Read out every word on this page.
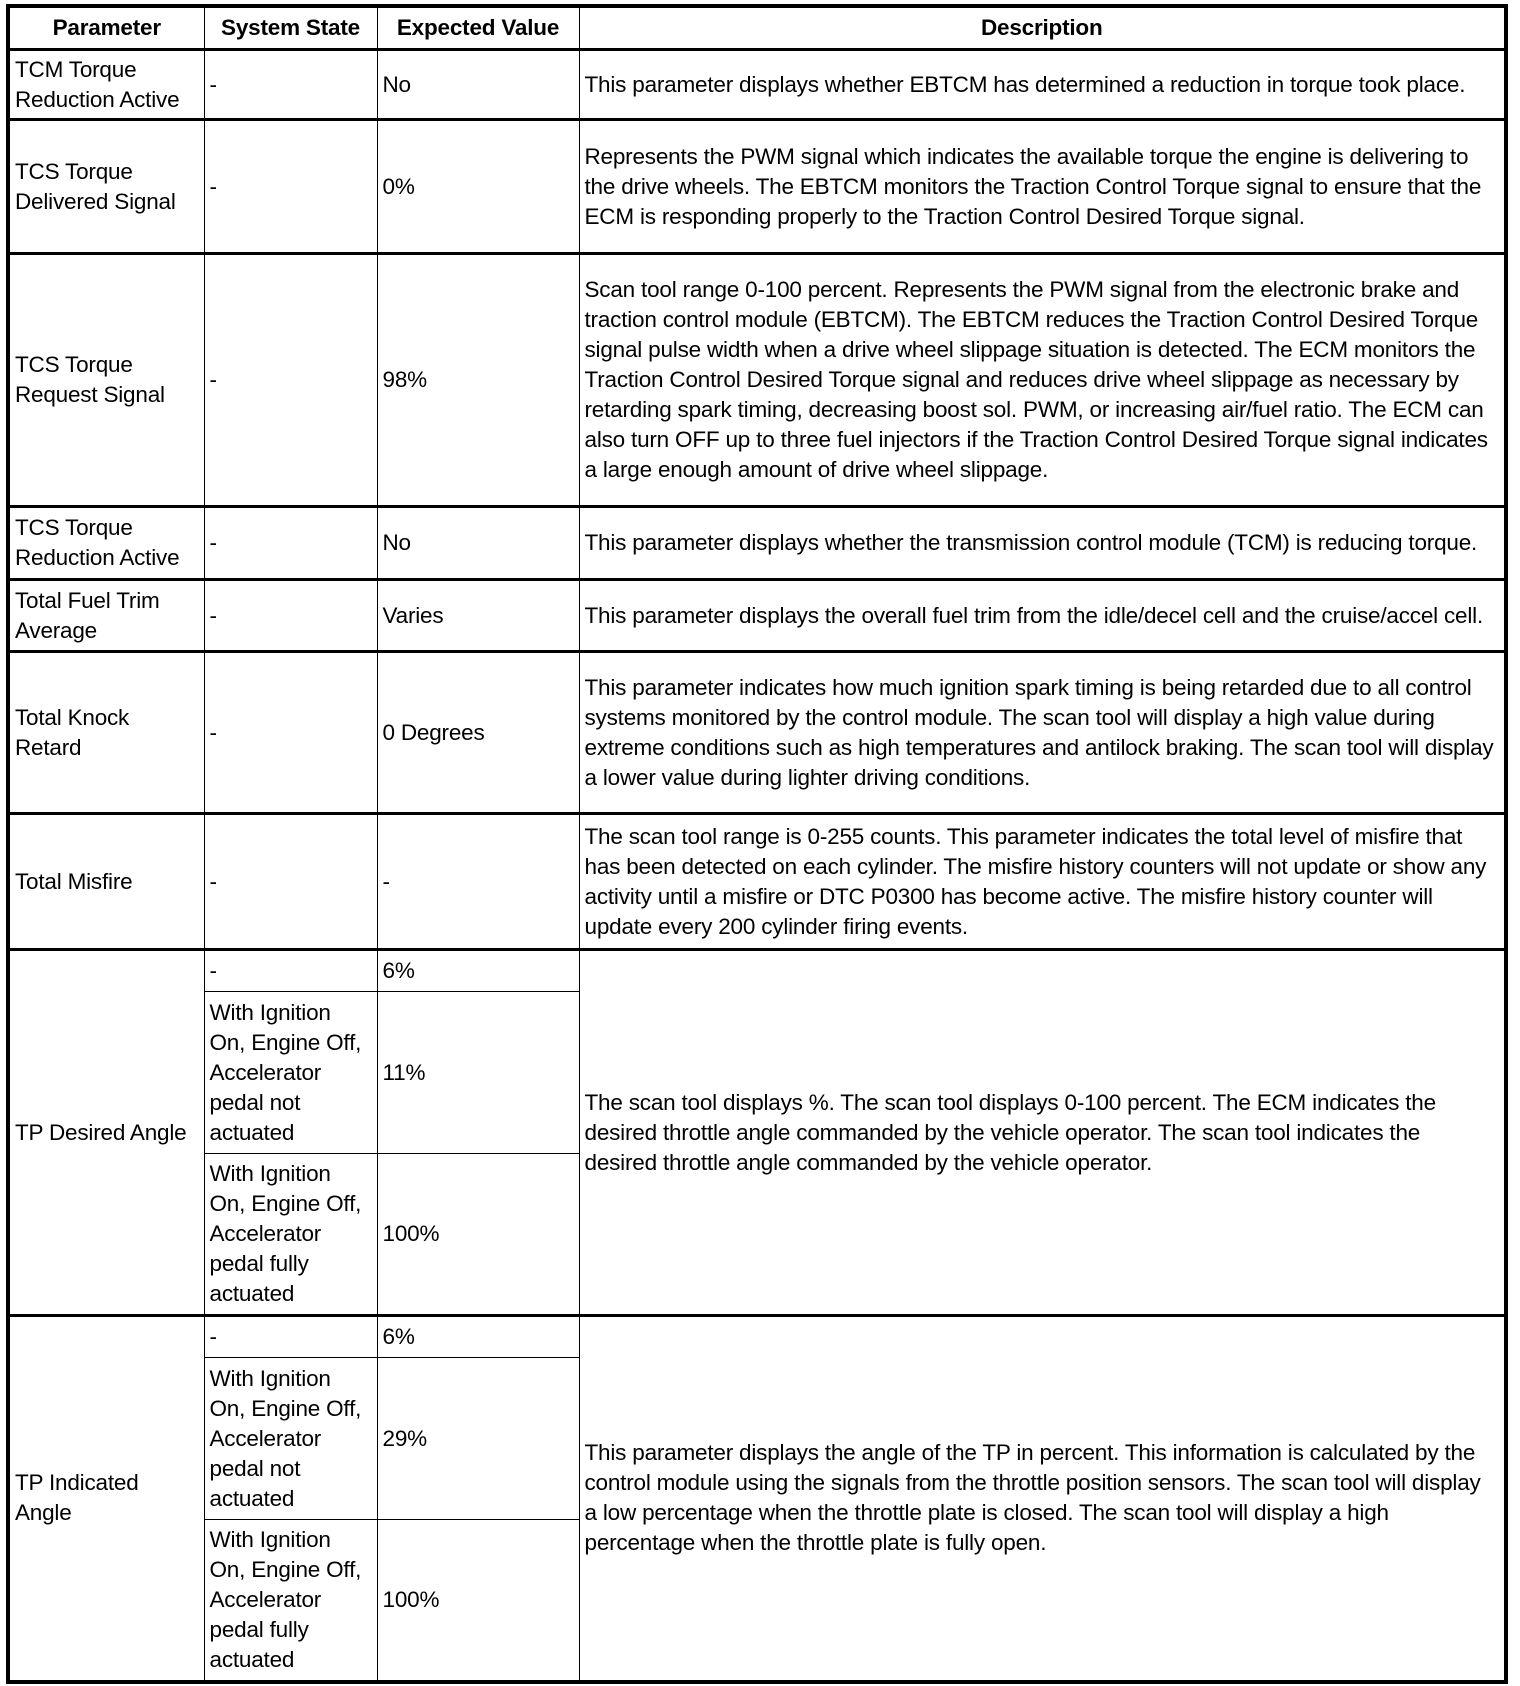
Parameter	System State	Expected Value	Description
TCM Torque Reduction Active	-	No	This parameter displays whether EBTCM has determined a reduction in torque took place.
TCS Torque Delivered Signal	-	0%	Represents the PWM signal which indicates the available torque the engine is delivering to the drive wheels. The EBTCM monitors the Traction Control Torque signal to ensure that the ECM is responding properly to the Traction Control Desired Torque signal.
TCS Torque Request Signal	-	98%	Scan tool range 0-100 percent. Represents the PWM signal from the electronic brake and traction control module (EBTCM). The EBTCM reduces the Traction Control Desired Torque signal pulse width when a drive wheel slippage situation is detected. The ECM monitors the Traction Control Desired Torque signal and reduces drive wheel slippage as necessary by retarding spark timing, decreasing boost sol. PWM, or increasing air/fuel ratio. The ECM can also turn OFF up to three fuel injectors if the Traction Control Desired Torque signal indicates a large enough amount of drive wheel slippage.
TCS Torque Reduction Active	-	No	This parameter displays whether the transmission control module (TCM) is reducing torque.
Total Fuel Trim Average	-	Varies	This parameter displays the overall fuel trim from the idle/decel cell and the cruise/accel cell.
Total Knock Retard	-	0 Degrees	This parameter indicates how much ignition spark timing is being retarded due to all control systems monitored by the control module. The scan tool will display a high value during extreme conditions such as high temperatures and antilock braking. The scan tool will display a lower value during lighter driving conditions.
Total Misfire	-	-	The scan tool range is 0-255 counts. This parameter indicates the total level of misfire that has been detected on each cylinder. The misfire history counters will not update or show any activity until a misfire or DTC P0300 has become active. The misfire history counter will update every 200 cylinder firing events.
TP Desired Angle	-	6%	The scan tool displays %. The scan tool displays 0-100 percent. The ECM indicates the desired throttle angle commanded by the vehicle operator. The scan tool indicates the desired throttle angle commanded by the vehicle operator.
	With Ignition On, Engine Off, Accelerator pedal not actuated	11%	
	With Ignition On, Engine Off, Accelerator pedal fully actuated	100%	
TP Indicated Angle	-	6%	This parameter displays the angle of the TP in percent. This information is calculated by the control module using the signals from the throttle position sensors. The scan tool will display a low percentage when the throttle plate is closed. The scan tool will display a high percentage when the throttle plate is fully open.
	With Ignition On, Engine Off, Accelerator pedal not actuated	29%	
	With Ignition On, Engine Off, Accelerator pedal fully actuated	100%	
